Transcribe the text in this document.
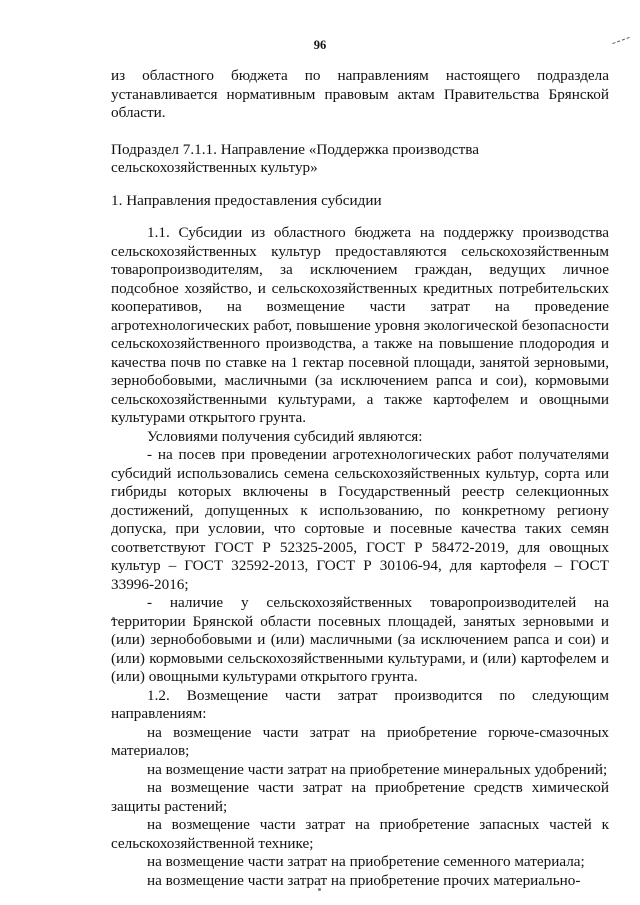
96

из областного бюджета по направлениям настоящего подраздела устанавливается нормативным правовым актам Правительства Брянской области.

Подраздел 7.1.1. Направление «Поддержка производства

сельскохозяйственных культур»

1. Направления предоставления субсидии

1.1. Субсидии из областного бюджета на поддержку производства сельскохозяйственных культур предоставляются сельскохозяйственным товаропроизводителям, за исключением граждан, ведущих личное подсобное хозяйство, и сельскохозяйственных кредитных потребительских кооперативов, на возмещение части затрат на проведение агротехнологических работ, повышение уровня экологической безопасности сельскохозяйственного производства, а также на повышение плодородия и качества почв по ставке на 1 гектар посевной площади, занятой зерновыми, зернобобовыми, масличными (за исключением рапса и сои), кормовыми сельскохозяйственными культурами, а также картофелем и овощными культурами открытого грунта.

Условиями получения субсидий являются:

- на посев при проведении агротехнологических работ получателями субсидий использовались семена сельскохозяйственных культур, сорта или гибриды которых включены в Государственный реестр селекционных достижений, допущенных к использованию, по конкретному региону допуска, при условии, что сортовые и посевные качества таких семян соответствуют ГОСТ Р 52325-2005, ГОСТ Р 58472-2019, для овощных культур – ГОСТ 32592-2013, ГОСТ Р 30106-94, для картофеля – ГОСТ 33996-2016;

- наличие у сельскохозяйственных товаропроизводителей на территории Брянской области посевных площадей, занятых зерновыми и (или) зернобобовыми и (или) масличными (за исключением рапса и сои) и (или) кормовыми сельскохозяйственными культурами, и (или) картофелем и (или) овощными культурами открытого грунта.

1.2. Возмещение части затрат производится по следующим направлениям:

на возмещение части затрат на приобретение горюче-смазочных материалов;

на возмещение части затрат на приобретение минеральных удобрений;

на возмещение части затрат на приобретение средств химической защиты растений;

на возмещение части затрат на приобретение запасных частей к сельскохозяйственной технике;

на возмещение части затрат на приобретение семенного материала;

на возмещение части затрат на приобретение прочих материально-
